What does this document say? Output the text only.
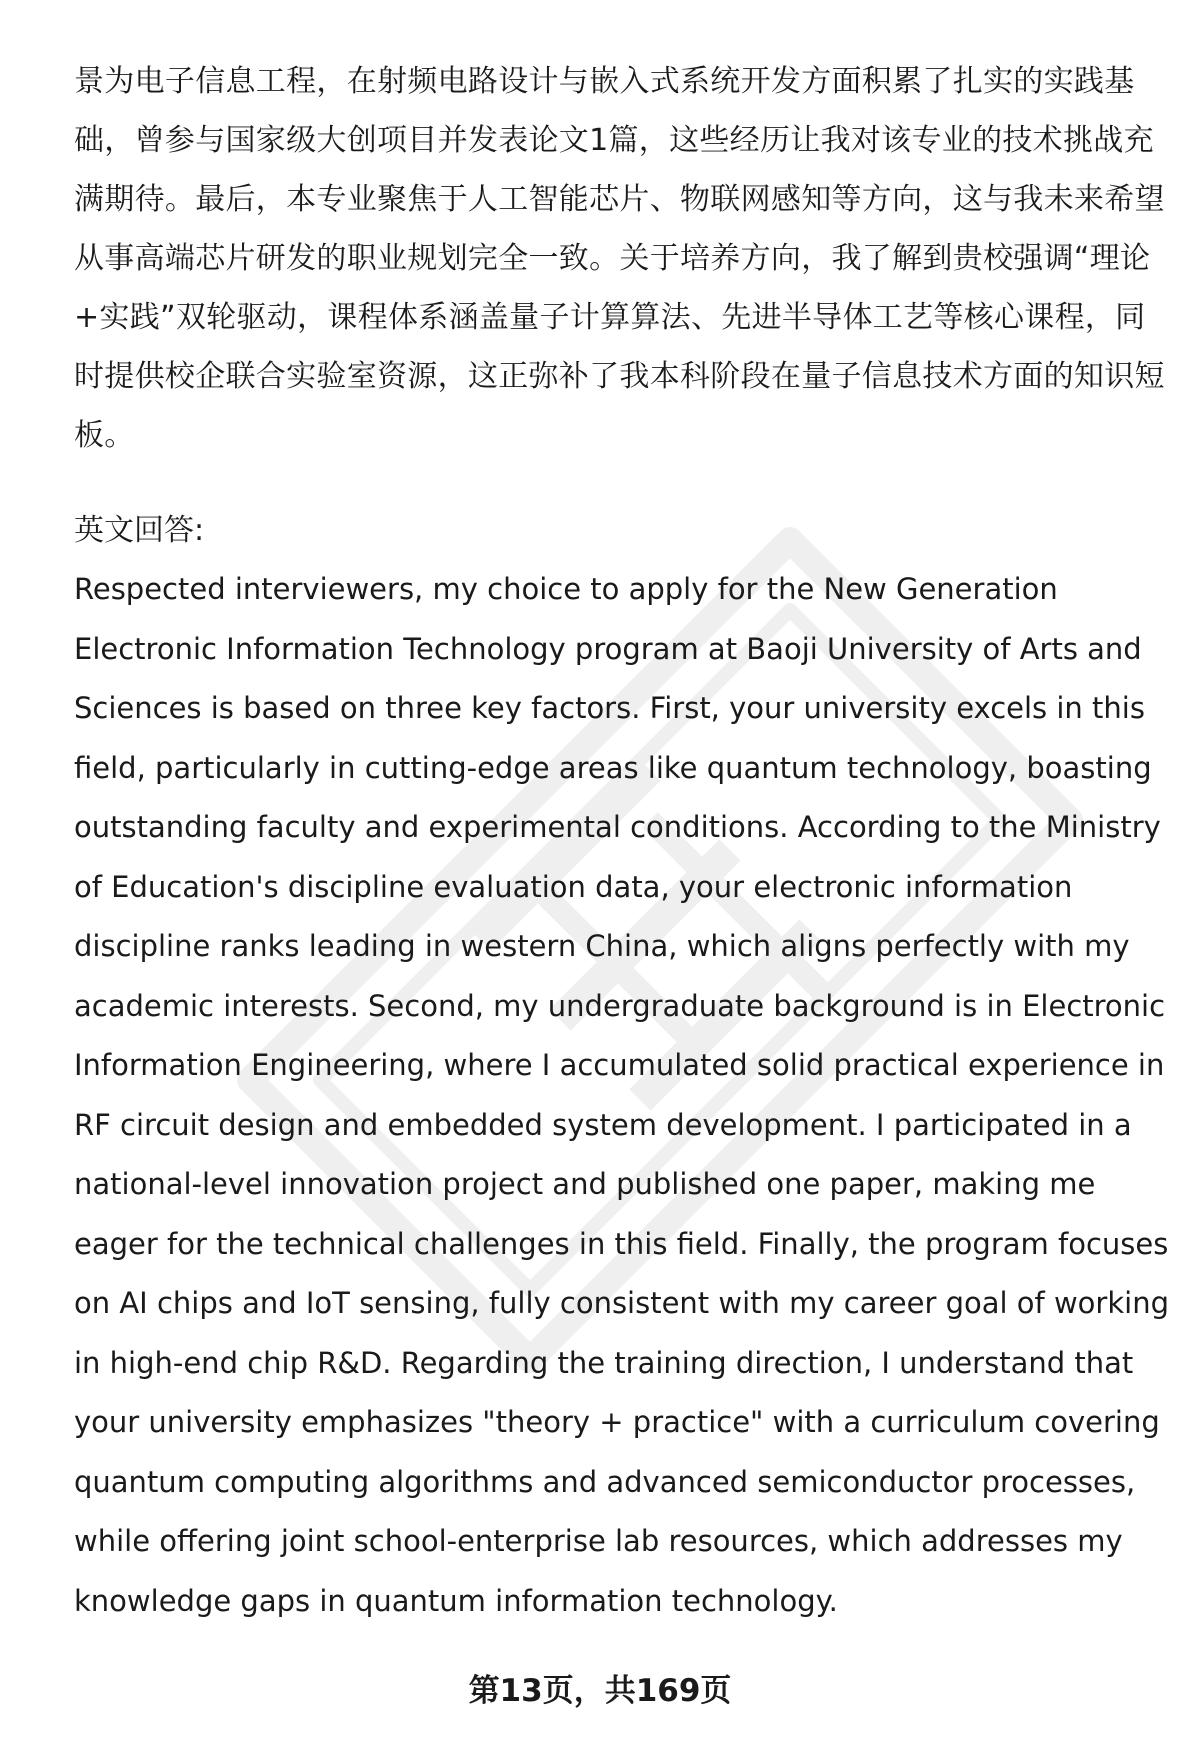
景为电子信息工程，在射频电路设计与嵌入式系统开发方面积累了扎实的实践基
础，曾参与国家级大创项目并发表论文1篇，这些经历让我对该专业的技术挑战充
满期待。最后，本专业聚焦于人工智能芯片、物联网感知等方向，这与我未来希望
从事高端芯片研发的职业规划完全一致。关于培养方向，我了解到贵校强调“理论
+实践”双轮驱动，课程体系涵盖量子计算算法、先进半导体工艺等核心课程，同
时提供校企联合实验室资源，这正弥补了我本科阶段在量子信息技术方面的知识短
板。

英文回答:

Respected interviewers, my choice to apply for the New Generation
Electronic Information Technology program at Baoji University of Arts and
Sciences is based on three key factors. First, your university excels in this
field, particularly in cutting-edge areas like quantum technology, boasting
outstanding faculty and experimental conditions. According to the Ministry
of Education's discipline evaluation data, your electronic information
discipline ranks leading in western China, which aligns perfectly with my
academic interests. Second, my undergraduate background is in Electronic
Information Engineering, where I accumulated solid practical experience in
RF circuit design and embedded system development. I participated in a
national-level innovation project and published one paper, making me
eager for the technical challenges in this field. Finally, the program focuses
on AI chips and IoT sensing, fully consistent with my career goal of working
in high-end chip R&D. Regarding the training direction, I understand that
your university emphasizes "theory + practice" with a curriculum covering
quantum computing algorithms and advanced semiconductor processes,
while offering joint school-enterprise lab resources, which addresses my
knowledge gaps in quantum information technology.

第13页，共169页
